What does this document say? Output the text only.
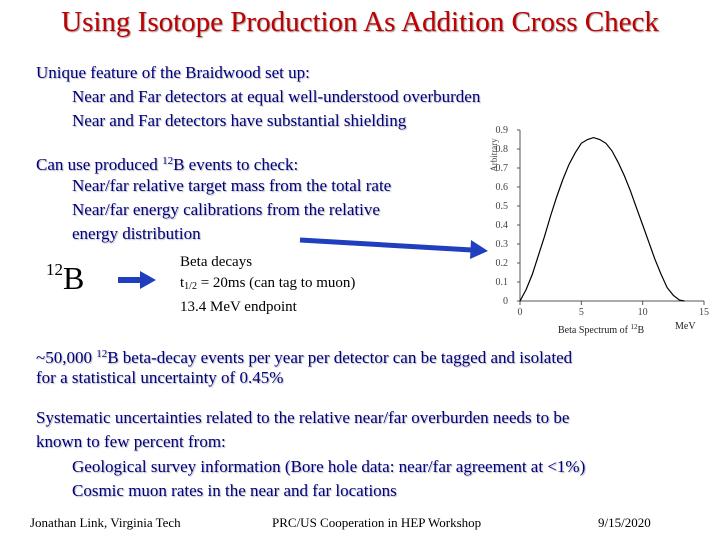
Using Isotope Production As Addition Cross Check
Unique feature of the Braidwood set up:
Near and Far detectors at equal well-understood overburden
Near and Far detectors have substantial shielding
Can use produced $^{12}$B events to check:
Near/far relative target mass from the total rate
Near/far energy calibrations from the relative
energy distribution
$^{12}$B	Beta decays
$t_{1/2} = 20ms$ (can tag to muon)
13.4 MeV endpoint
Arbitrary
0
0.1
0.2
0.3
0.4
0.5
0.6
0.7
0.8
0.9
0	5	10	15
Beta Spectrum of $^{12}$B	MeV
~50,000 $^{12}$B beta-decay events per year per detector can be tagged and isolated
for a statistical uncertainty of 0.45%
Systematic uncertainties related to the relative near/far overburden needs to be
known to few percent from:
Geological survey information (Bore hole data: near/far agreement at <1%)
Cosmic muon rates in the near and far locations
Jonathan Link, Virginia Tech	PRC/US Cooperation in HEP Workshop	9/15/2020
